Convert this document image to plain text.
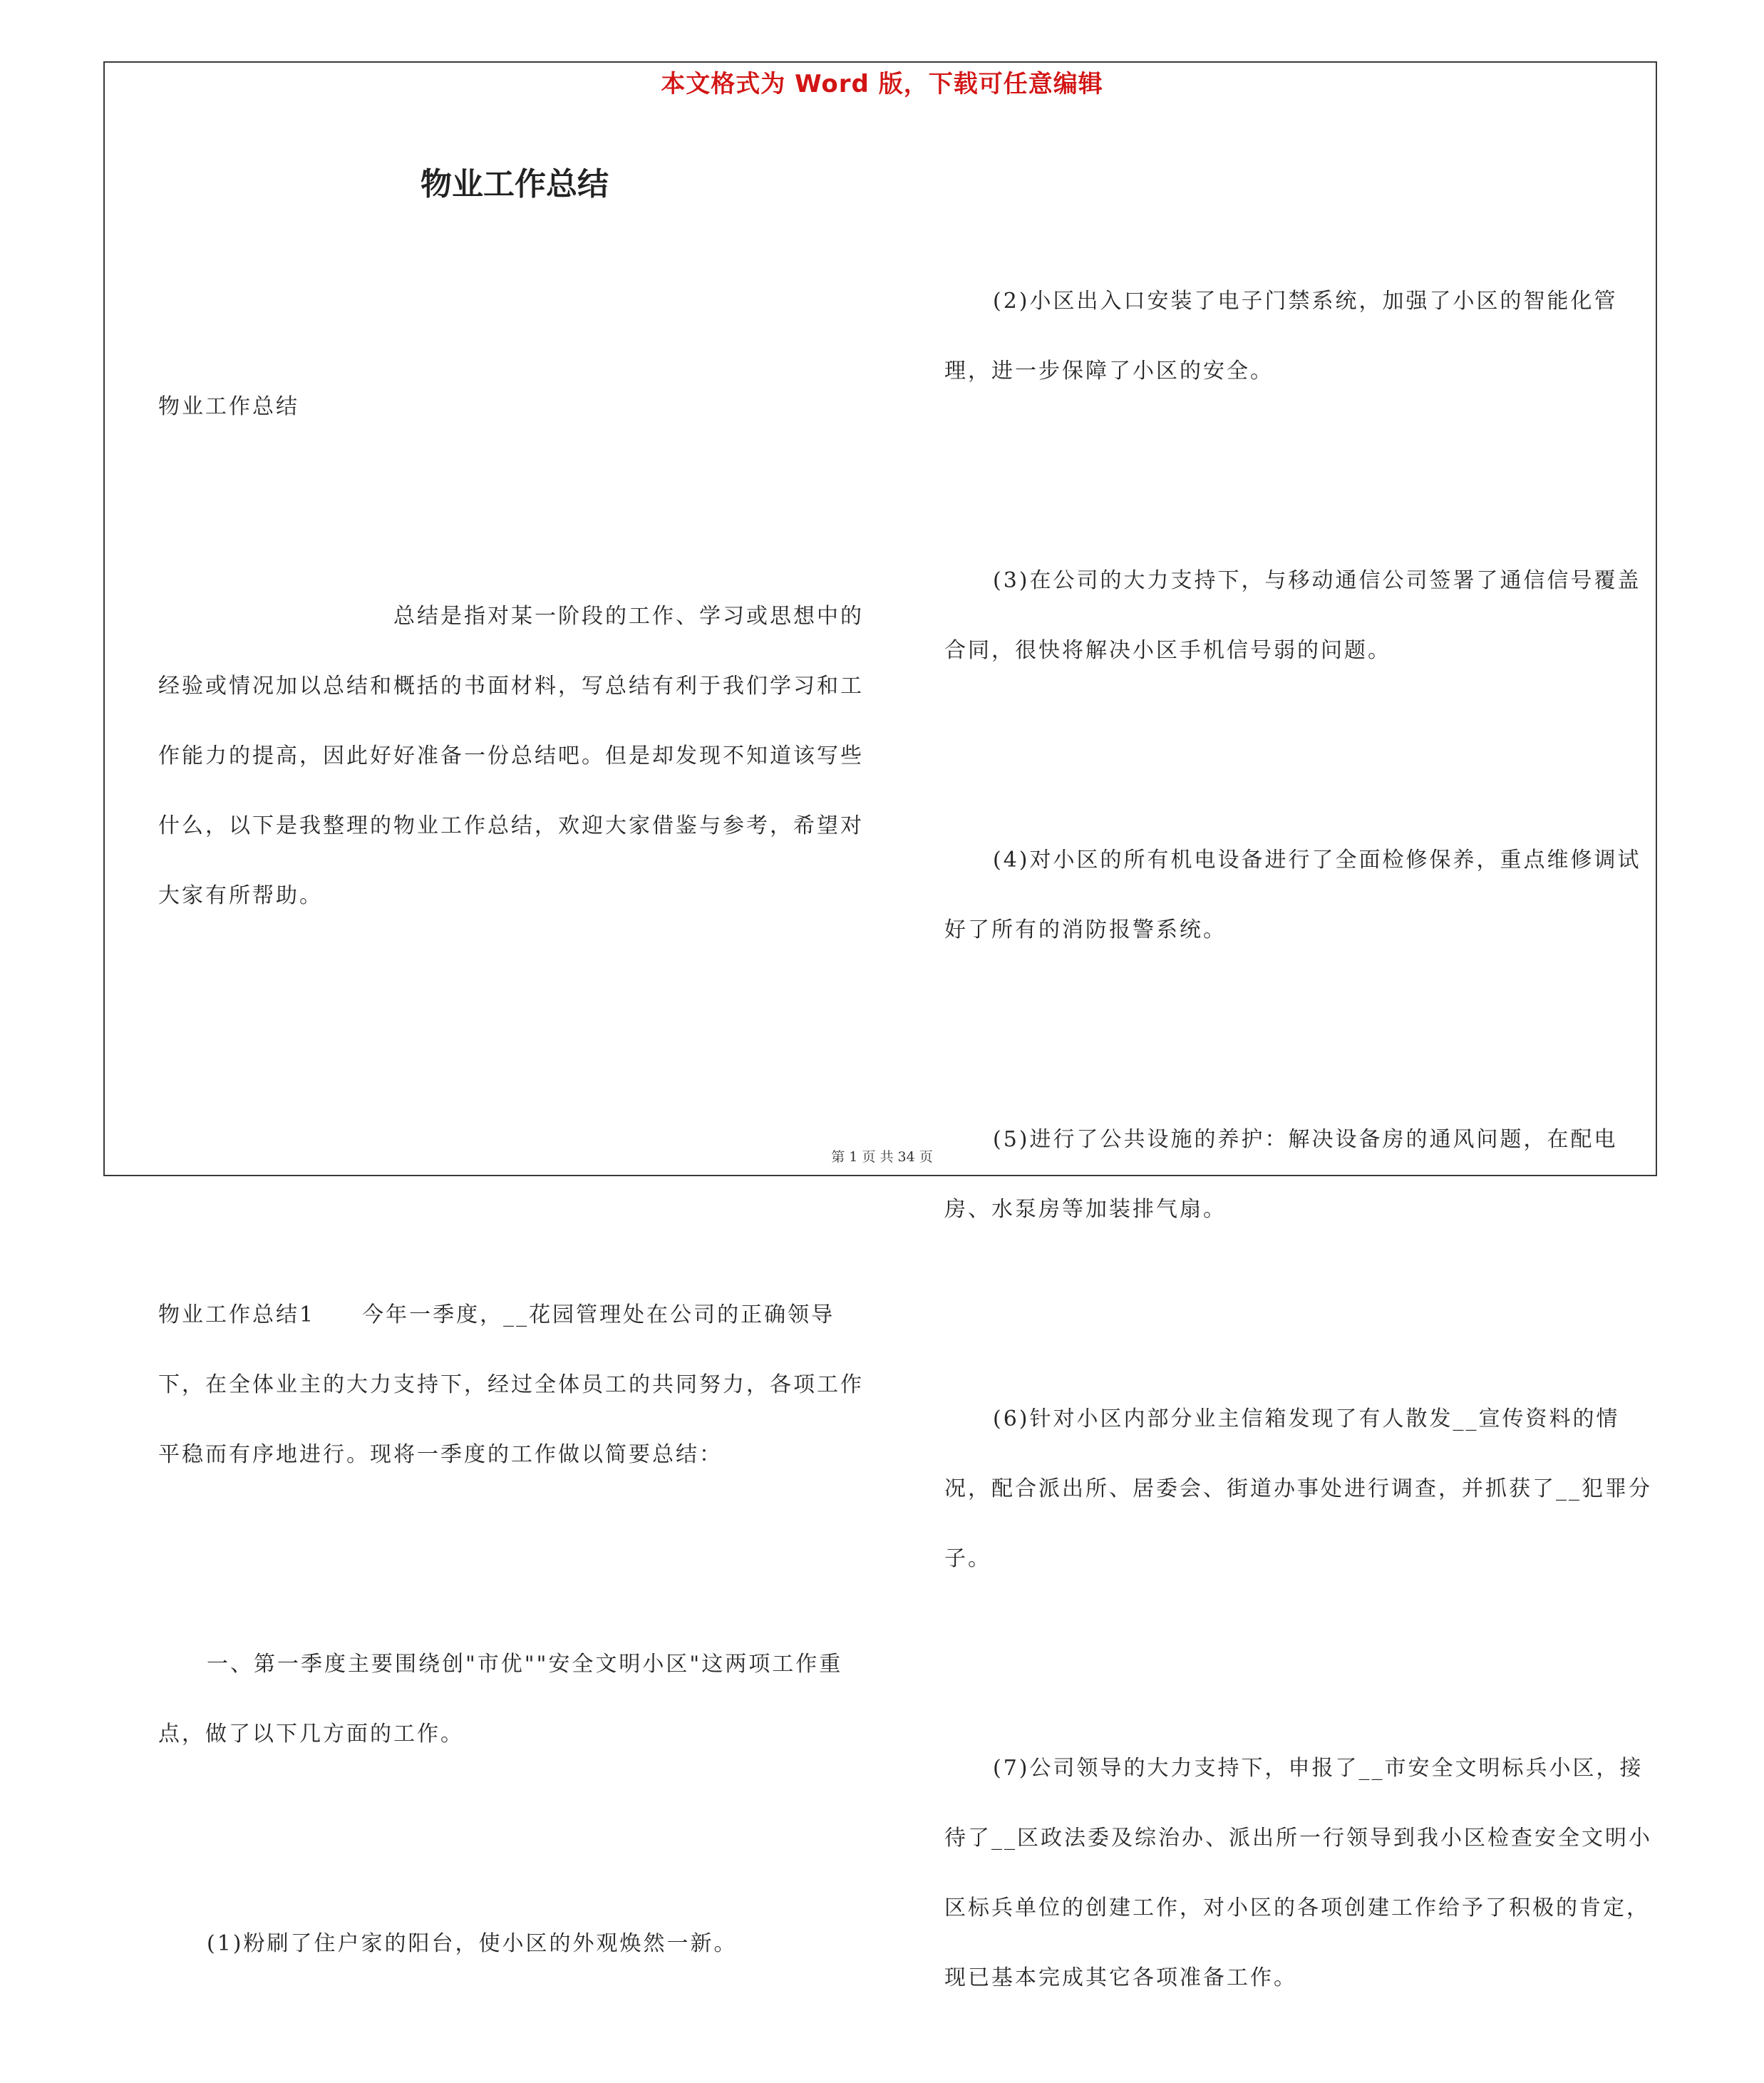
本文格式为 Word 版，下载可任意编辑
物业工作总结

物业工作总结

总结是指对某一阶段的工作、学习或思想中的经验或情况加以总结和概括的书面材料，写总结有利于我们学习和工作能力的提高，因此好好准备一份总结吧。但是却发现不知道该写些什么，以下是我整理的物业工作总结，欢迎大家借鉴与参考，希望对大家有所帮助。

物业工作总结1　　今年一季度，__花园管理处在公司的正确领导下，在全体业主的大力支持下，经过全体员工的共同努力，各项工作平稳而有序地进行。现将一季度的工作做以简要总结：

一、第一季度主要围绕创"市优""安全文明小区"这两项工作重点，做了以下几方面的工作。

(1)粉刷了住户家的阳台，使小区的外观焕然一新。

(2)小区出入口安装了电子门禁系统，加强了小区的智能化管理，进一步保障了小区的安全。

(3)在公司的大力支持下，与移动通信公司签署了通信信号覆盖合同，很快将解决小区手机信号弱的问题。

(4)对小区的所有机电设备进行了全面检修保养，重点维修调试好了所有的消防报警系统。

(5)进行了公共设施的养护：解决设备房的通风问题，在配电房、水泵房等加装排气扇。

(6)针对小区内部分业主信箱发现了有人散发__宣传资料的情况，配合派出所、居委会、街道办事处进行调查，并抓获了__犯罪分子。

(7)公司领导的大力支持下，申报了__市安全文明标兵小区，接待了__区政法委及综治办、派出所一行领导到我小区检查安全文明小区标兵单位的创建工作，对小区的各项创建工作给予了积极的肯定，现已基本完成其它各项准备工作。

第 1 页 共 34 页
